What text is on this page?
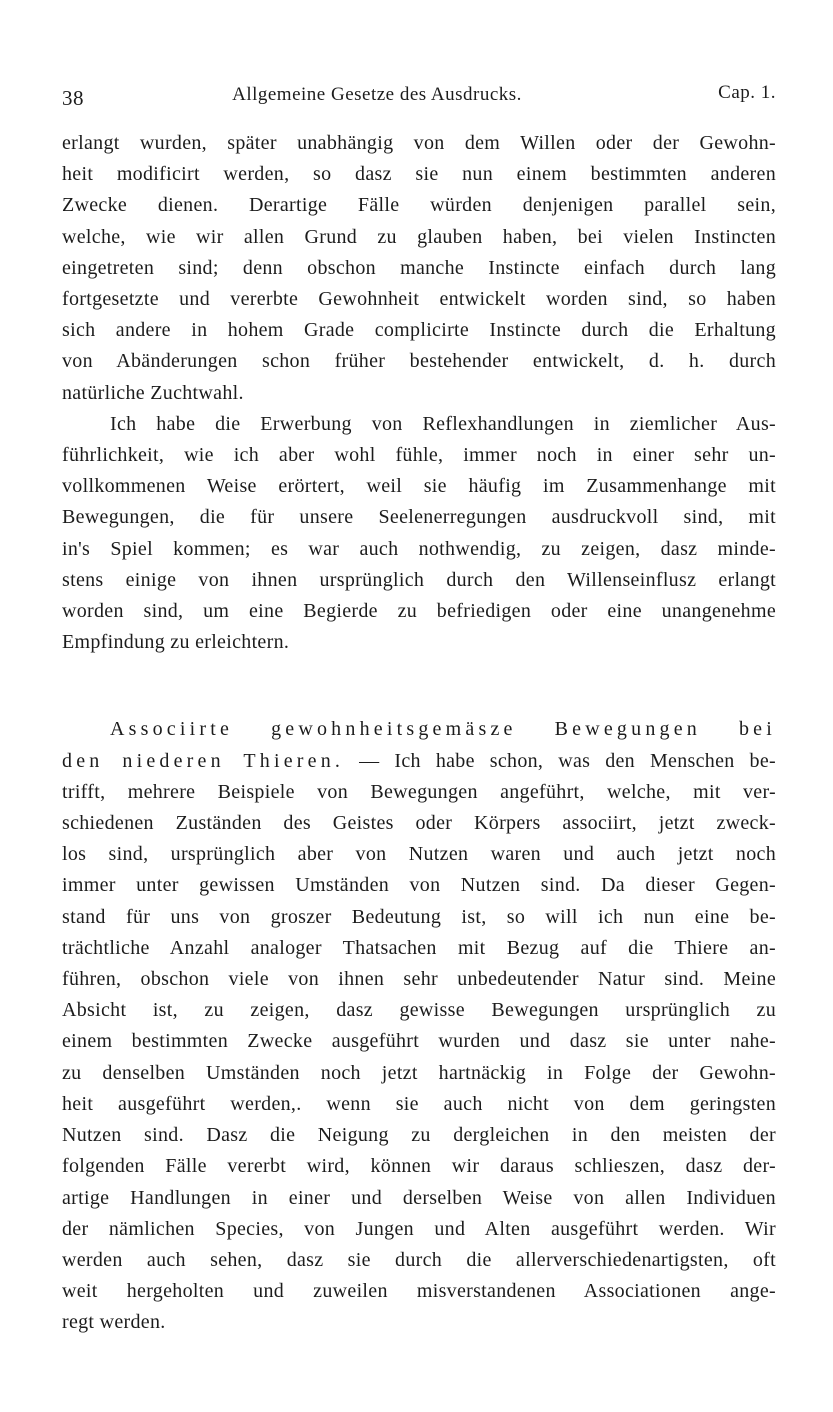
38	Allgemeine Gesetze des Ausdrucks.	Cap. 1.

erlangt wurden, später unabhängig von dem Willen oder der Gewohn-
heit modificirt werden, so dasz sie nun einem bestimmten anderen
Zwecke dienen. Derartige Fälle würden denjenigen parallel sein,
welche, wie wir allen Grund zu glauben haben, bei vielen Instincten
eingetreten sind; denn obschon manche Instincte einfach durch lang
fortgesetzte und vererbte Gewohnheit entwickelt worden sind, so haben
sich andere in hohem Grade complicirte Instincte durch die Erhaltung
von Abänderungen schon früher bestehender entwickelt, d. h. durch
natürliche Zuchtwahl.

Ich habe die Erwerbung von Reflexhandlungen in ziemlicher Aus-
führlichkeit, wie ich aber wohl fühle, immer noch in einer sehr un-
vollkommenen Weise erörtert, weil sie häufig im Zusammenhange mit
Bewegungen, die für unsere Seelenerregungen ausdruckvoll sind, mit
in's Spiel kommen; es war auch nothwendig, zu zeigen, dasz minde-
stens einige von ihnen ursprünglich durch den Willenseinflusz erlangt
worden sind, um eine Begierde zu befriedigen oder eine unangenehme
Empfindung zu erleichtern.

Associirte gewohnheitsgemäsze Bewegungen bei
den niederen Thieren. — Ich habe schon, was den Menschen be-
trifft, mehrere Beispiele von Bewegungen angeführt, welche, mit ver-
schiedenen Zuständen des Geistes oder Körpers associirt, jetzt zweck-
los sind, ursprünglich aber von Nutzen waren und auch jetzt noch
immer unter gewissen Umständen von Nutzen sind. Da dieser Gegen-
stand für uns von groszer Bedeutung ist, so will ich nun eine be-
trächtliche Anzahl analoger Thatsachen mit Bezug auf die Thiere an-
führen, obschon viele von ihnen sehr unbedeutender Natur sind. Meine
Absicht ist, zu zeigen, dasz gewisse Bewegungen ursprünglich zu
einem bestimmten Zwecke ausgeführt wurden und dasz sie unter nahe-
zu denselben Umständen noch jetzt hartnäckig in Folge der Gewohn-
heit ausgeführt werden,. wenn sie auch nicht von dem geringsten
Nutzen sind. Dasz die Neigung zu dergleichen in den meisten der
folgenden Fälle vererbt wird, können wir daraus schlieszen, dasz der-
artige Handlungen in einer und derselben Weise von allen Individuen
der nämlichen Species, von Jungen und Alten ausgeführt werden. Wir
werden auch sehen, dasz sie durch die allerverschiedenartigsten, oft
weit hergeholten und zuweilen misverstandenen Associationen ange-
regt werden.
